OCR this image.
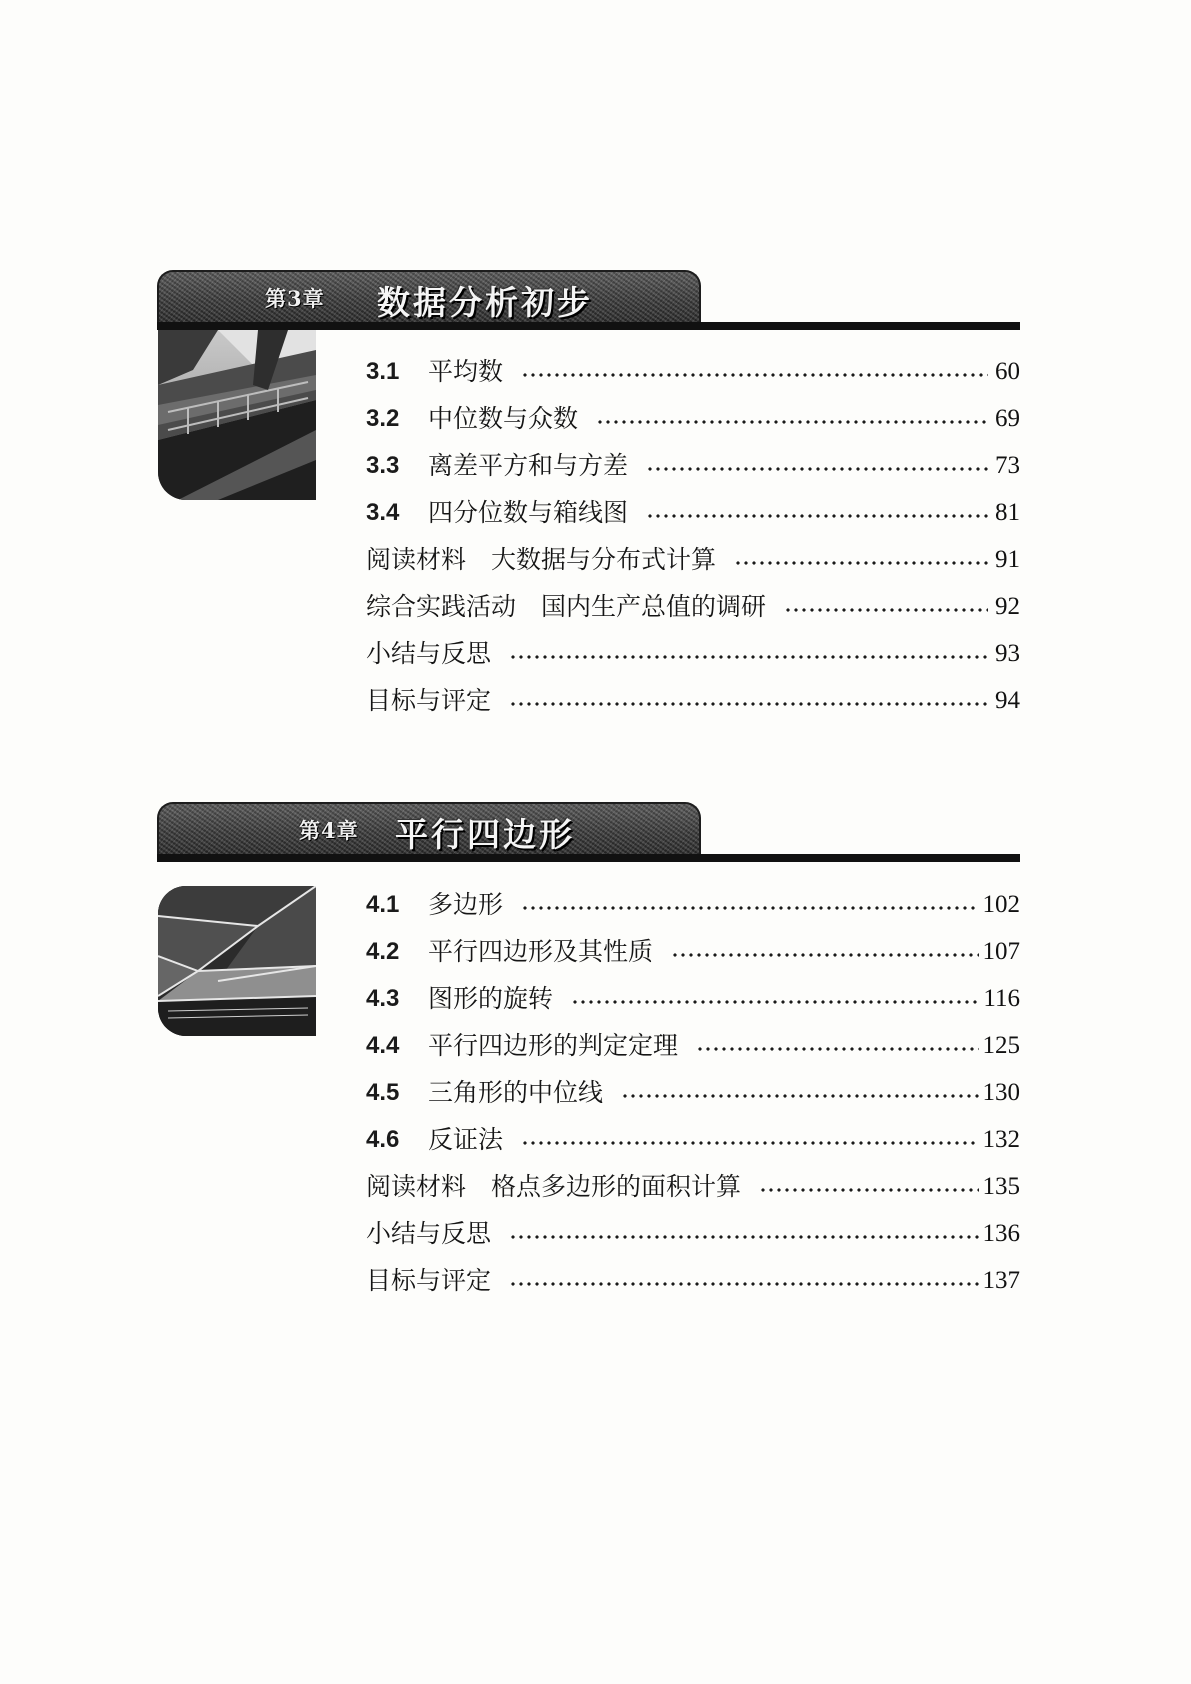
第3章 数据分析初步
3.1	平均数	60
3.2	中位数与众数	69
3.3	离差平方和与方差	73
3.4	四分位数与箱线图	81
阅读材料　大数据与分布式计算	91
综合实践活动　国内生产总值的调研	92
小结与反思	93
目标与评定	94
第4章 平行四边形
4.1	多边形	102
4.2	平行四边形及其性质	107
4.3	图形的旋转	116
4.4	平行四边形的判定定理	125
4.5	三角形的中位线	130
4.6	反证法	132
阅读材料　格点多边形的面积计算	135
小结与反思	136
目标与评定	137
